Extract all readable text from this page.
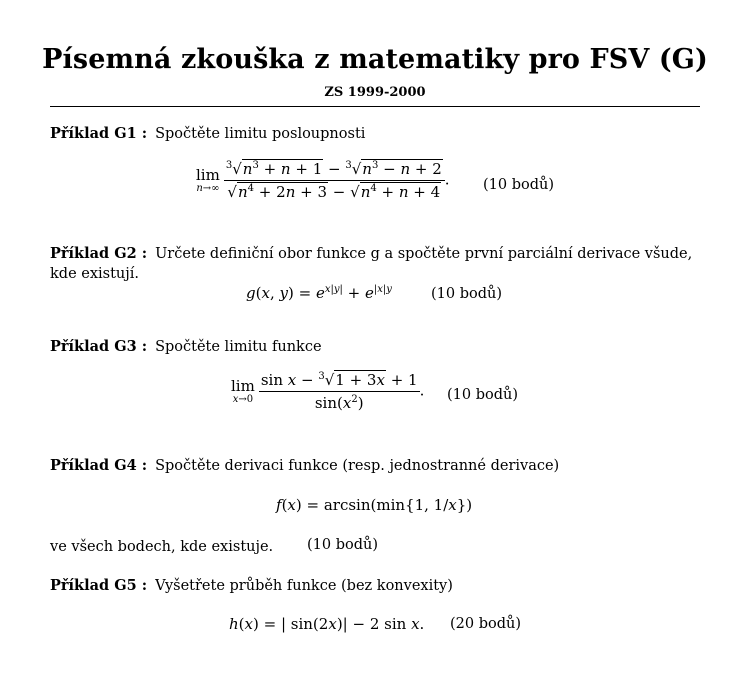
Písemná zkouška z matematiky pro FSV (G)
ZS 1999-2000
Příklad G1 : Spočtěte limitu posloupnosti
lim
$n\to\infty \frac{^3√n^3 + n + 1 - ^3√n^3 - n + 2}{√n^4 + 2n + 3 - √n^4 + n + 4}$ . (10 bodů)
Příklad G2 : Určete definiční obor funkce g a spočtěte první parciální derivace všude, kde existují.
g(x, $y) = e^{x|y|} + e^{|x|y}$	(10 bodů)
Příklad G3 : Spočtěte limitu funkce
lim
$x\to 0 \frac{\sin x - ^3√1 + 3x + 1}{\sin(x^2)}$ . (10 bodů)
Příklad G4 : Spočtěte derivaci funkce (resp. jednostranné derivace)
f(x) = arcsin(min{1, 1/x})
ve všech bodech, kde existuje.	(10 bodů)
Příklad G5 : Vyšetřete průběh funkce (bez konvexity)
h(x) = | sin(2x)| − 2 sin x. (20 bodů)
